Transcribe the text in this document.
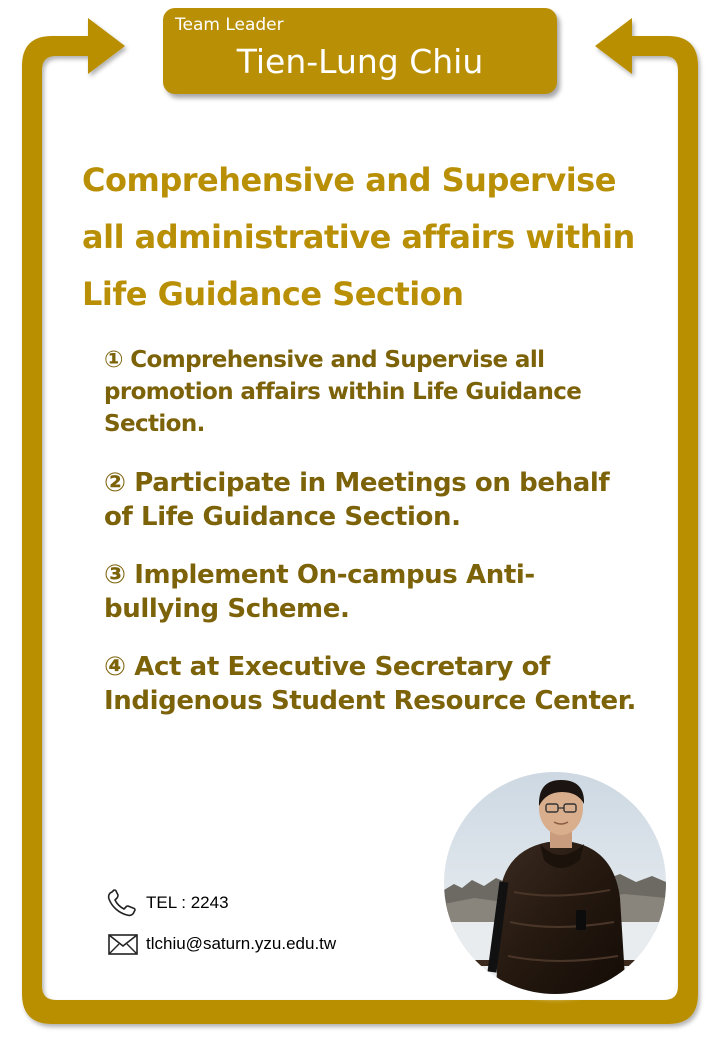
Team Leader
Tien-Lung Chiu
Comprehensive and Supervise all administrative affairs within Life Guidance Section
① Comprehensive and Supervise all promotion affairs within Life Guidance Section.
② Participate in Meetings on behalf of Life Guidance Section.
③ Implement On-campus Anti-bullying Scheme.
④ Act at Executive Secretary of Indigenous Student Resource Center.
TEL : 2243
tlchiu@saturn.yzu.edu.tw
